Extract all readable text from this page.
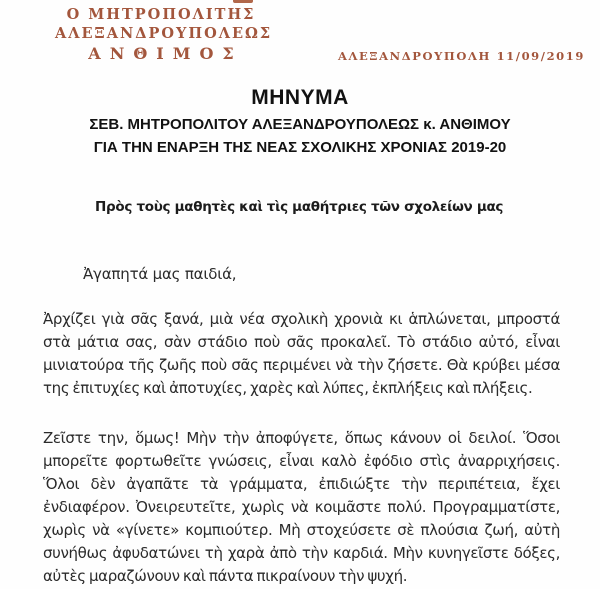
Ο ΜΗΤΡΟΠΟΛΙΤΗΣ
ΑΛΕΞΑΝΔΡΟΥΠΟΛΕΩΣ
ΑΝΘΙΜΟΣ	ΑΛΕΞΑΝΔΡΟΥΠΟΛΗ 11/09/2019
ΜΗΝΥΜΑ
ΣΕΒ. ΜΗΤΡΟΠΟΛΙΤΟΥ ΑΛΕΞΑΝΔΡΟΥΠΟΛΕΩΣ κ. ΑΝΘΙΜΟΥ
ΓΙΑ ΤΗΝ ΕΝΑΡΞΗ ΤΗΣ ΝΕΑΣ ΣΧΟΛΙΚΗΣ ΧΡΟΝΙΑΣ 2019-20
Πρὸς τοὺς μαθητὲς καὶ τὶς μαθήτριες τῶν σχολείων μας
Ἀγαπητά μας παιδιά,

Ἀρχίζει γιὰ σᾶς ξανά, μιὰ νέα σχολικὴ χρονιὰ κι ἁπλώνεται, μπροστά στὰ μάτια σας, σὰν στάδιο ποὺ σᾶς προκαλεῖ. Τὸ στάδιο αὐτό, εἶναι μινιατούρα τῆς ζωῆς ποὺ σᾶς περιμένει νὰ τὴν ζήσετε. Θὰ κρύβει μέσα της ἐπιτυχίες καὶ ἀποτυχίες, χαρὲς καὶ λύπες, ἐκπλήξεις καὶ πλήξεις.

Ζεῖστε την, ὅμως! Μὴν τὴν ἀποφύγετε, ὅπως κάνουν οἱ δειλοί. Ὅσοι μπορεῖτε φορτωθεῖτε γνώσεις, εἶναι καλὸ ἐφόδιο στὶς ἀναρριχήσεις. Ὅλοι δὲν ἀγαπᾶτε τὰ γράμματα, ἐπιδιώξτε τὴν περιπέτεια, ἔχει ἐνδιαφέρον. Ὀνειρευτεῖτε, χωρὶς νὰ κοιμᾶστε πολύ. Προγραμματίστε, χωρὶς νὰ «γίνετε» κομπιούτερ. Μὴ στοχεύσετε σὲ πλούσια ζωή, αὐτὴ συνήθως ἀφυδατώνει τὴ χαρὰ ἀπὸ τὴν καρδιά. Μὴν κυνηγεῖστε δόξες, αὐτὲς μαραζώνουν καὶ πάντα πικραίνουν τὴν ψυχή.
